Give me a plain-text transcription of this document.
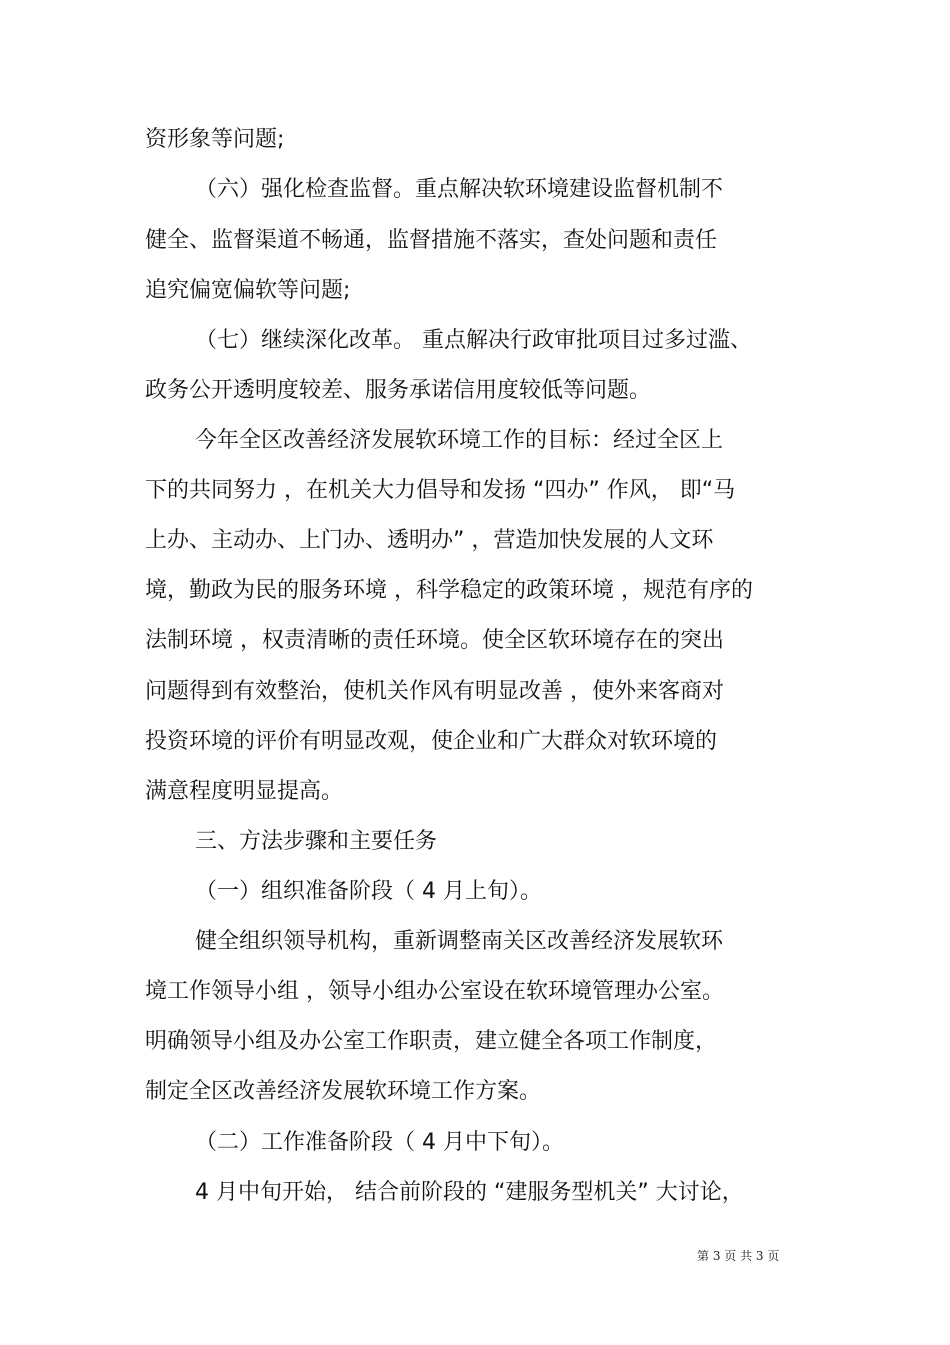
资形象等问题;

（六）强化检查监督。重点解决软环境建设监督机制不

健全、监督渠道不畅通，监督措施不落实，查处问题和责任

追究偏宽偏软等问题;

（七）继续深化改革。 重点解决行政审批项目过多过滥、

政务公开透明度较差、服务承诺信用度较低等问题。

今年全区改善经济发展软环境工作的目标：经过全区上

下的共同努力 ，在机关大力倡导和发扬 “四办” 作风， 即“马

上办、主动办、上门办、透明办” ，营造加快发展的人文环

境，勤政为民的服务环境 ，科学稳定的政策环境 ，规范有序的

法制环境 ，权责清晰的责任环境。使全区软环境存在的突出

问题得到有效整治，使机关作风有明显改善 ，使外来客商对

投资环境的评价有明显改观，使企业和广大群众对软环境的

满意程度明显提高。

三、方法步骤和主要任务

（一）组织准备阶段（ 4 月上旬）。

健全组织领导机构，重新调整南关区改善经济发展软环

境工作领导小组 ，领导小组办公室设在软环境管理办公室。

明确领导小组及办公室工作职责，建立健全各项工作制度，

制定全区改善经济发展软环境工作方案。

（二）工作准备阶段（ 4 月中下旬）。

4 月中旬开始， 结合前阶段的 “建服务型机关” 大讨论，

第 3 页 共 3 页
